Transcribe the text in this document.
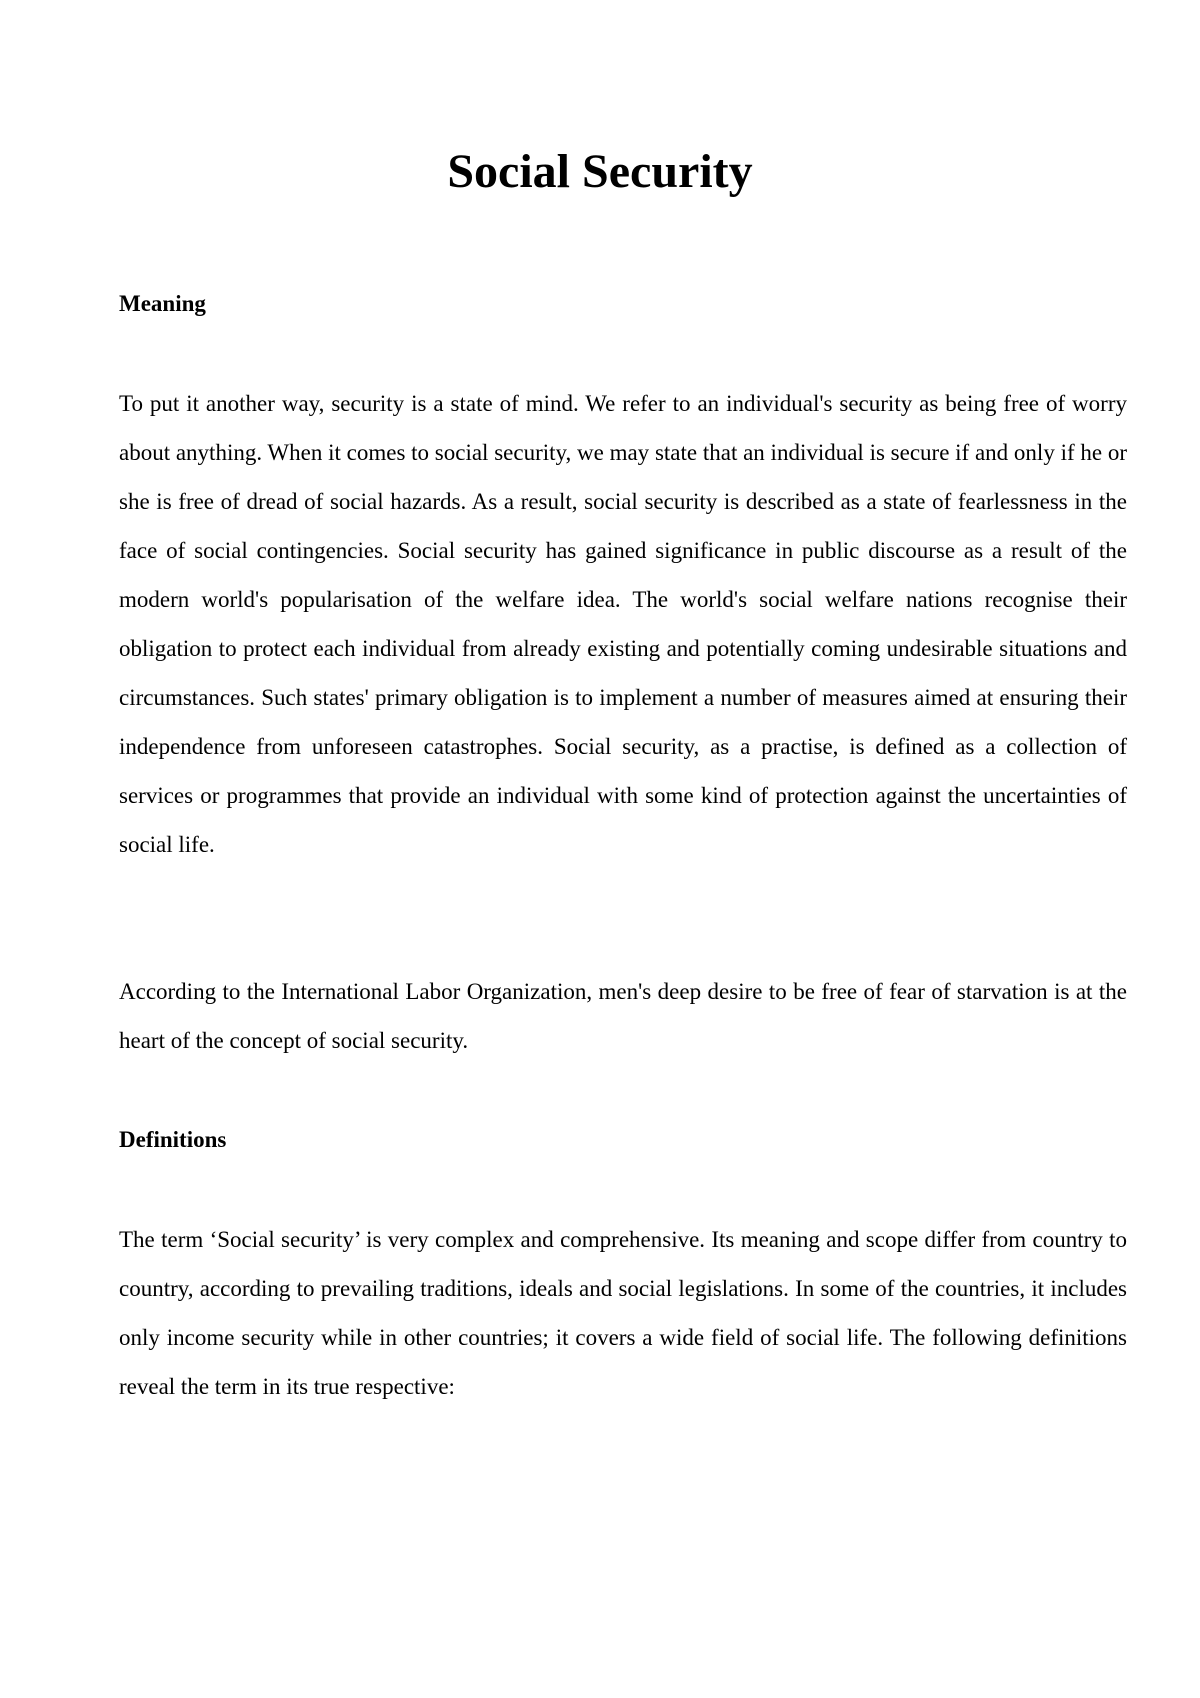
Social Security
Meaning

To put it another way, security is a state of mind. We refer to an individual's security as being free of worry about anything. When it comes to social security, we may state that an individual is secure if and only if he or she is free of dread of social hazards. As a result, social security is described as a state of fearlessness in the face of social contingencies. Social security has gained significance in public discourse as a result of the modern world's popularisation of the welfare idea. The world's social welfare nations recognise their obligation to protect each individual from already existing and potentially coming undesirable situations and circumstances. Such states' primary obligation is to implement a number of measures aimed at ensuring their independence from unforeseen catastrophes. Social security, as a practise, is defined as a collection of services or programmes that provide an individual with some kind of protection against the uncertainties of social life.

According to the International Labor Organization, men's deep desire to be free of fear of starvation is at the heart of the concept of social security.

Definitions

The term ‘Social security’ is very complex and comprehensive. Its meaning and scope differ from country to country, according to prevailing traditions, ideals and social legislations. In some of the countries, it includes only income security while in other countries; it covers a wide field of social life. The following definitions reveal the term in its true respective:
